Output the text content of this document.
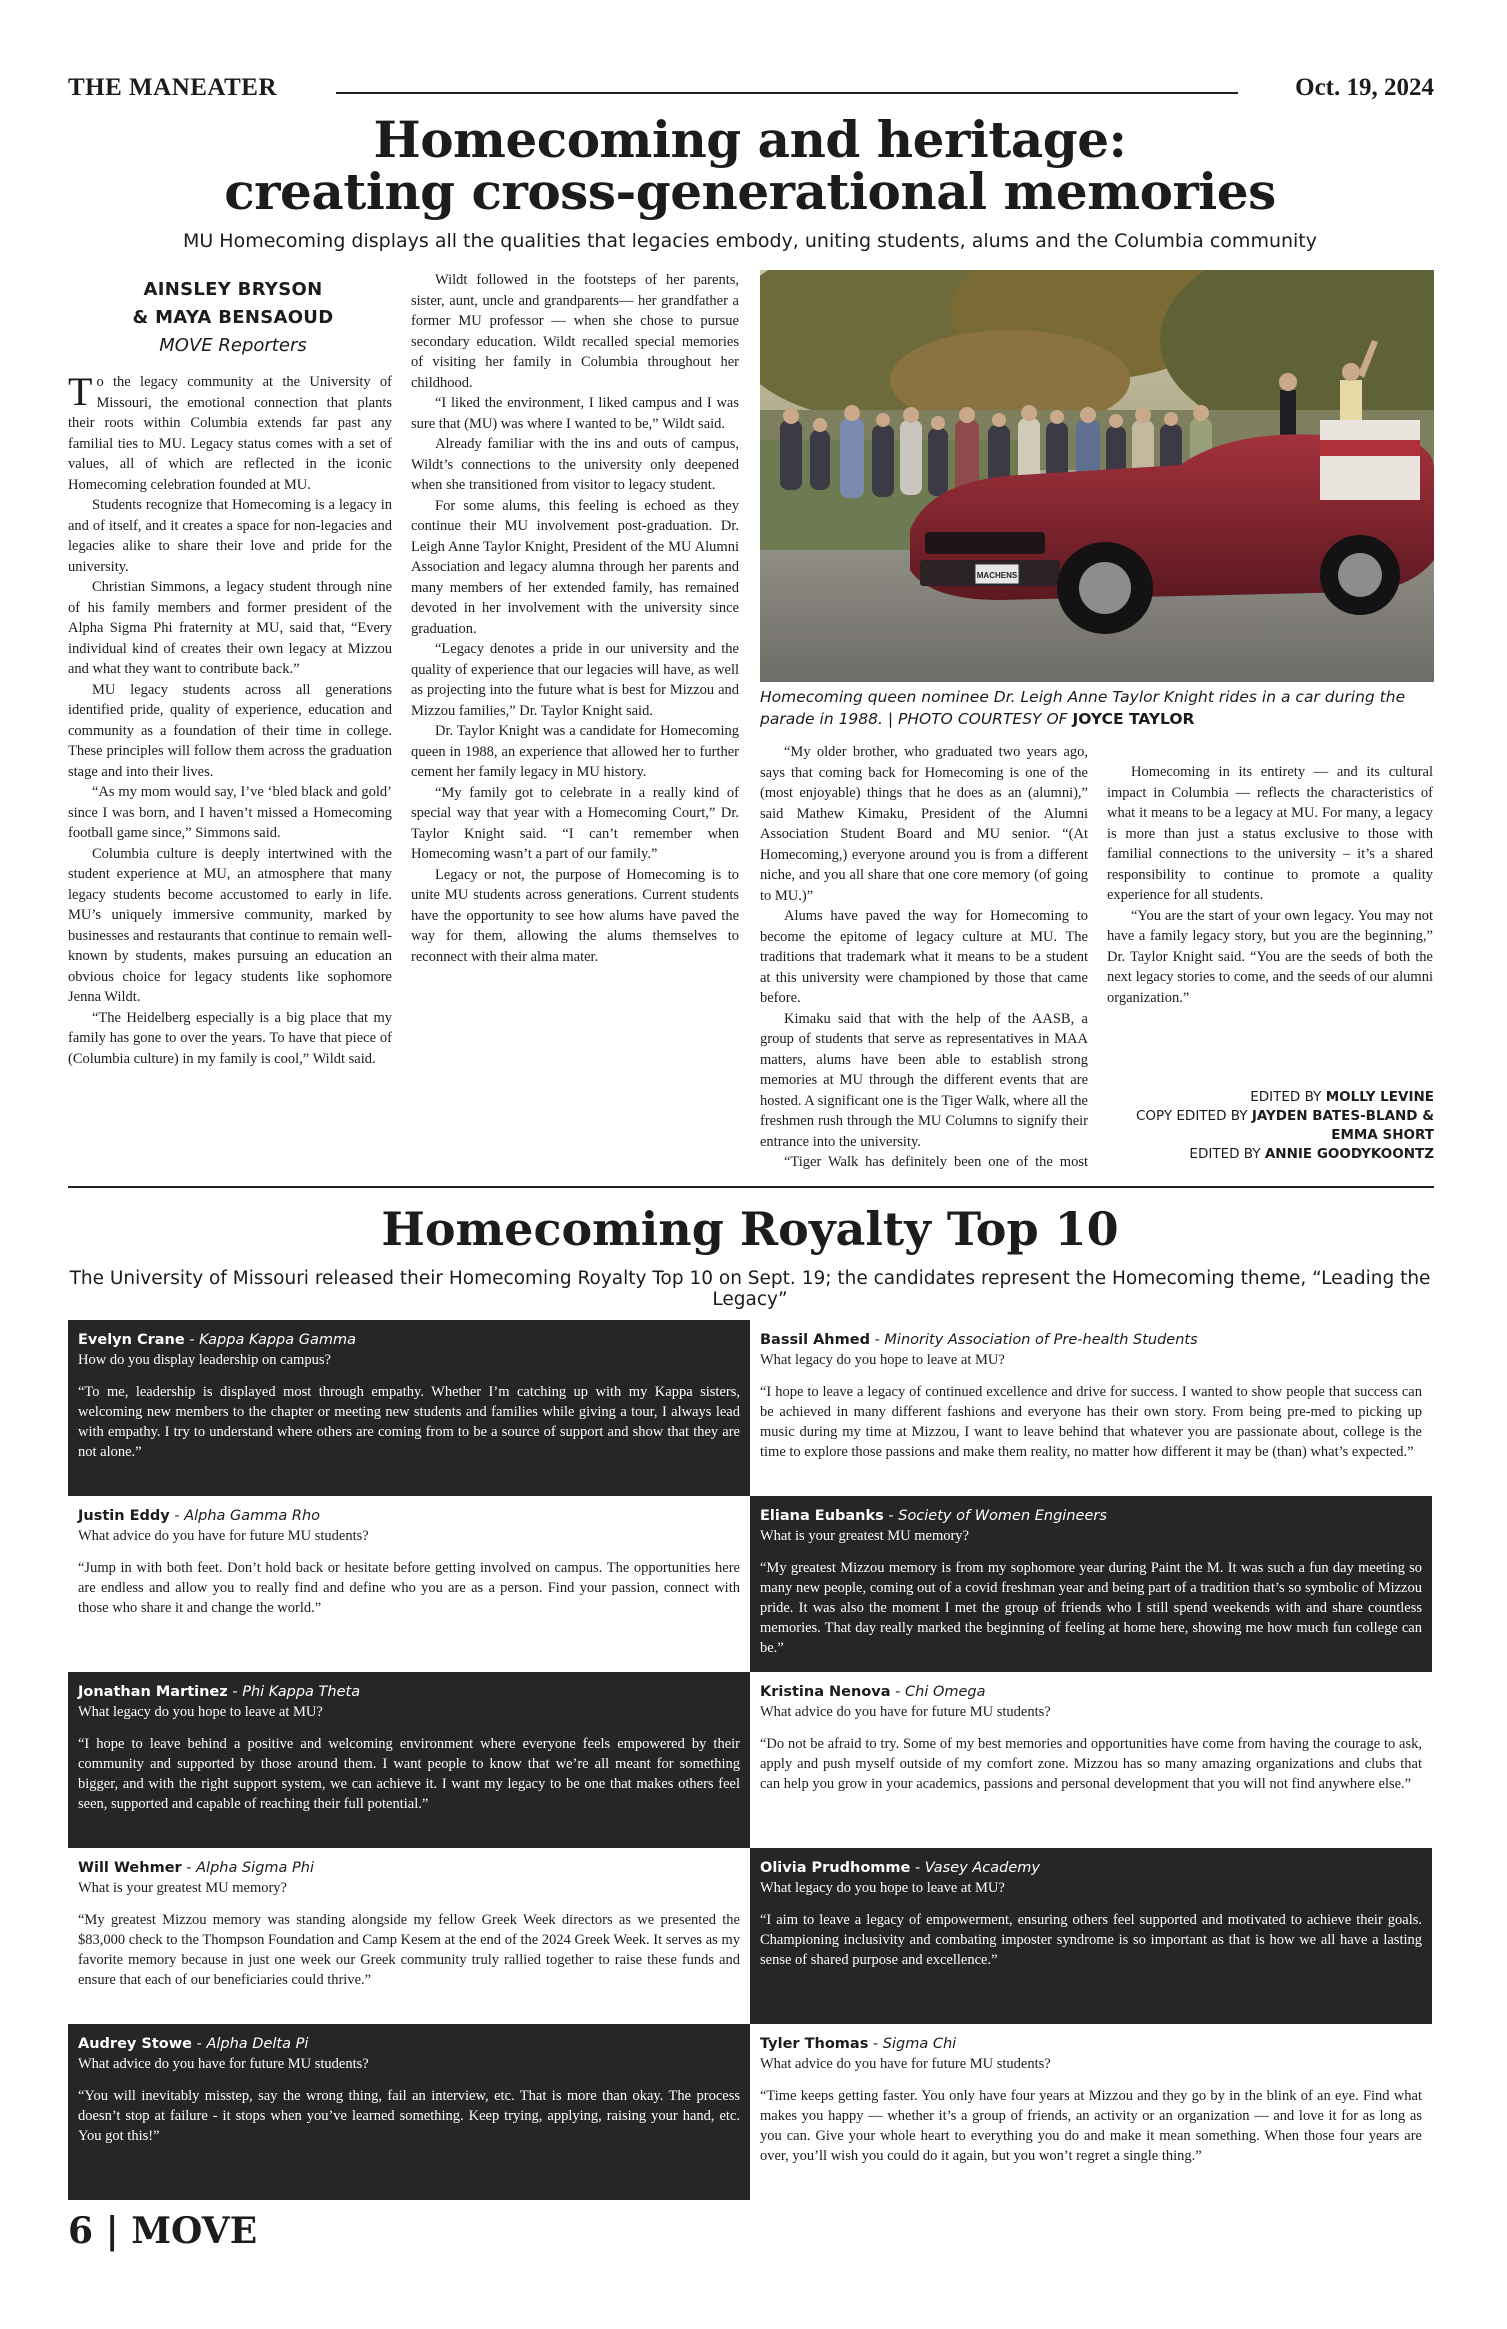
THE MANEATER	Oct. 19, 2024
Homecoming and heritage:
creating cross-generational memories
MU Homecoming displays all the qualities that legacies embody, uniting students, alums and the Columbia community
AINSLEY BRYSON
& MAYA BENSAOUD
MOVE Reporters

To the legacy community at the University of Missouri, the emotional connection that plants their roots within Columbia extends far past any familial ties to MU. Legacy status comes with a set of values, all of which are reflected in the iconic Homecoming celebration founded at MU.

Students recognize that Homecoming is a legacy in and of itself, and it creates a space for non-legacies and legacies alike to share their love and pride for the university.

Christian Simmons, a legacy student through nine of his family members and former president of the Alpha Sigma Phi fraternity at MU, said that, “Every individual kind of creates their own legacy at Mizzou and what they want to contribute back.”

MU legacy students across all generations identified pride, quality of experience, education and community as a foundation of their time in college. These principles will follow them across the graduation stage and into their lives.

“As my mom would say, I’ve ‘bled black and gold’ since I was born, and I haven’t missed a Homecoming football game since,” Simmons said.

Columbia culture is deeply intertwined with the student experience at MU, an atmosphere that many legacy students become accustomed to early in life. MU’s uniquely immersive community, marked by businesses and restaurants that continue to remain well-known by students, makes pursuing an education an obvious choice for legacy students like sophomore Jenna Wildt.

“The Heidelberg especially is a big place that my family has gone to over the years. To have that piece of (Columbia culture) in my family is cool,” Wildt said.

Wildt followed in the footsteps of her parents, sister, aunt, uncle and grandparents— her grandfather a former MU professor — when she chose to pursue secondary education. Wildt recalled special memories of visiting her family in Columbia throughout her childhood.

“I liked the environment, I liked campus and I was sure that (MU) was where I wanted to be,” Wildt said.

Already familiar with the ins and outs of campus, Wildt’s connections to the university only deepened when she transitioned from visitor to legacy student.

For some alums, this feeling is echoed as they continue their MU involvement post-graduation. Dr. Leigh Anne Taylor Knight, President of the MU Alumni Association and legacy alumna through her parents and many members of her extended family, has remained devoted in her involvement with the university since graduation.

“Legacy denotes a pride in our university and the quality of experience that our legacies will have, as well as projecting into the future what is best for Mizzou and Mizzou families,” Dr. Taylor Knight said.

Dr. Taylor Knight was a candidate for Homecoming queen in 1988, an experience that allowed her to further cement her family legacy in MU history.

“My family got to celebrate in a really kind of special way that year with a Homecoming Court,” Dr. Taylor Knight said. “I can’t remember when Homecoming wasn’t a part of our family.”

Legacy or not, the purpose of Homecoming is to unite MU students across generations. Current students have the opportunity to see how alums have paved the way for them, allowing the alums themselves to reconnect with their alma mater.

“My older brother, who graduated two years ago, says that coming back for Homecoming is one of the (most enjoyable) things that he does as an (alumni),” said Mathew Kimaku, President of the Alumni Association Student Board and MU senior. “(At Homecoming,) everyone around you is from a different niche, and you all share that one core memory (of going to MU.)”

Alums have paved the way for Homecoming to become the epitome of legacy culture at MU. The traditions that trademark what it means to be a student at this university were championed by those that came before.

Kimaku said that with the help of the AASB, a group of students that serve as representatives in MAA matters, alums have been able to establish strong memories at MU through the different events that are hosted. A significant one is the Tiger Walk, where all the freshmen rush through the MU Columns to signify their entrance into the university.

“Tiger Walk has definitely been one of the most

Homecoming in its entirety — and its cultural impact in Columbia — reflects the characteristics of what it means to be a legacy at MU. For many, a legacy is more than just a status exclusive to those with familial connections to the university – it’s a shared responsibility to continue to promote a quality experience for all students.

“You are the start of your own legacy. You may not have a family legacy story, but you are the beginning,” Dr. Taylor Knight said. “You are the seeds of both the next legacy stories to come, and the seeds of our alumni organization.”

MACHENS
Homecoming queen nominee Dr. Leigh Anne Taylor Knight rides in a car during the parade in 1988. | PHOTO COURTESY OF JOYCE TAYLOR
EDITED BY MOLLY LEVINE
COPY EDITED BY JAYDEN BATES-BLAND &
EMMA SHORT
EDITED BY ANNIE GOODYKOONTZ
Homecoming Royalty Top 10
The University of Missouri released their Homecoming Royalty Top 10 on Sept. 19; the candidates represent the Homecoming theme, “Leading the Legacy”
Evelyn Crane - Kappa Kappa Gamma
How do you display leadership on campus?
“To me, leadership is displayed most through empathy. Whether I’m catching up with my Kappa sisters, welcoming new members to the chapter or meeting new students and families while giving a tour, I always lead with empathy. I try to understand where others are coming from to be a source of support and show that they are not alone.”
Bassil Ahmed - Minority Association of Pre-health Students
What legacy do you hope to leave at MU?
“I hope to leave a legacy of continued excellence and drive for success. I wanted to show people that success can be achieved in many different fashions and everyone has their own story. From being pre-med to picking up music during my time at Mizzou, I want to leave behind that whatever you are passionate about, college is the time to explore those passions and make them reality, no matter how different it may be (than) what’s expected.”
Justin Eddy - Alpha Gamma Rho
What advice do you have for future MU students?
“Jump in with both feet. Don’t hold back or hesitate before getting involved on campus. The opportunities here are endless and allow you to really find and define who you are as a person. Find your passion, connect with those who share it and change the world.”
Eliana Eubanks - Society of Women Engineers
What is your greatest MU memory?
“My greatest Mizzou memory is from my sophomore year during Paint the M. It was such a fun day meeting so many new people, coming out of a covid freshman year and being part of a tradition that’s so symbolic of Mizzou pride. It was also the moment I met the group of friends who I still spend weekends with and share countless memories. That day really marked the beginning of feeling at home here, showing me how much fun college can be.”
Jonathan Martinez - Phi Kappa Theta
What legacy do you hope to leave at MU?
“I hope to leave behind a positive and welcoming environment where everyone feels empowered by their community and supported by those around them. I want people to know that we’re all meant for something bigger, and with the right support system, we can achieve it. I want my legacy to be one that makes others feel seen, supported and capable of reaching their full potential.”
Kristina Nenova - Chi Omega
What advice do you have for future MU students?
“Do not be afraid to try. Some of my best memories and opportunities have come from having the courage to ask, apply and push myself outside of my comfort zone. Mizzou has so many amazing organizations and clubs that can help you grow in your academics, passions and personal development that you will not find anywhere else.”
Will Wehmer - Alpha Sigma Phi
What is your greatest MU memory?
“My greatest Mizzou memory was standing alongside my fellow Greek Week directors as we presented the $83,000 check to the Thompson Foundation and Camp Kesem at the end of the 2024 Greek Week. It serves as my favorite memory because in just one week our Greek community truly rallied together to raise these funds and ensure that each of our beneficiaries could thrive.”
Olivia Prudhomme - Vasey Academy
What legacy do you hope to leave at MU?
“I aim to leave a legacy of empowerment, ensuring others feel supported and motivated to achieve their goals. Championing inclusivity and combating imposter syndrome is so important as that is how we all have a lasting sense of shared purpose and excellence.”
Audrey Stowe - Alpha Delta Pi
What advice do you have for future MU students?
“You will inevitably misstep, say the wrong thing, fail an interview, etc. That is more than okay. The process doesn’t stop at failure - it stops when you’ve learned something. Keep trying, applying, raising your hand, etc. You got this!”
Tyler Thomas - Sigma Chi
What advice do you have for future MU students?
“Time keeps getting faster. You only have four years at Mizzou and they go by in the blink of an eye. Find what makes you happy — whether it’s a group of friends, an activity or an organization — and love it for as long as you can. Give your whole heart to everything you do and make it mean something. When those four years are over, you’ll wish you could do it again, but you won’t regret a single thing.”
6 | MOVE
